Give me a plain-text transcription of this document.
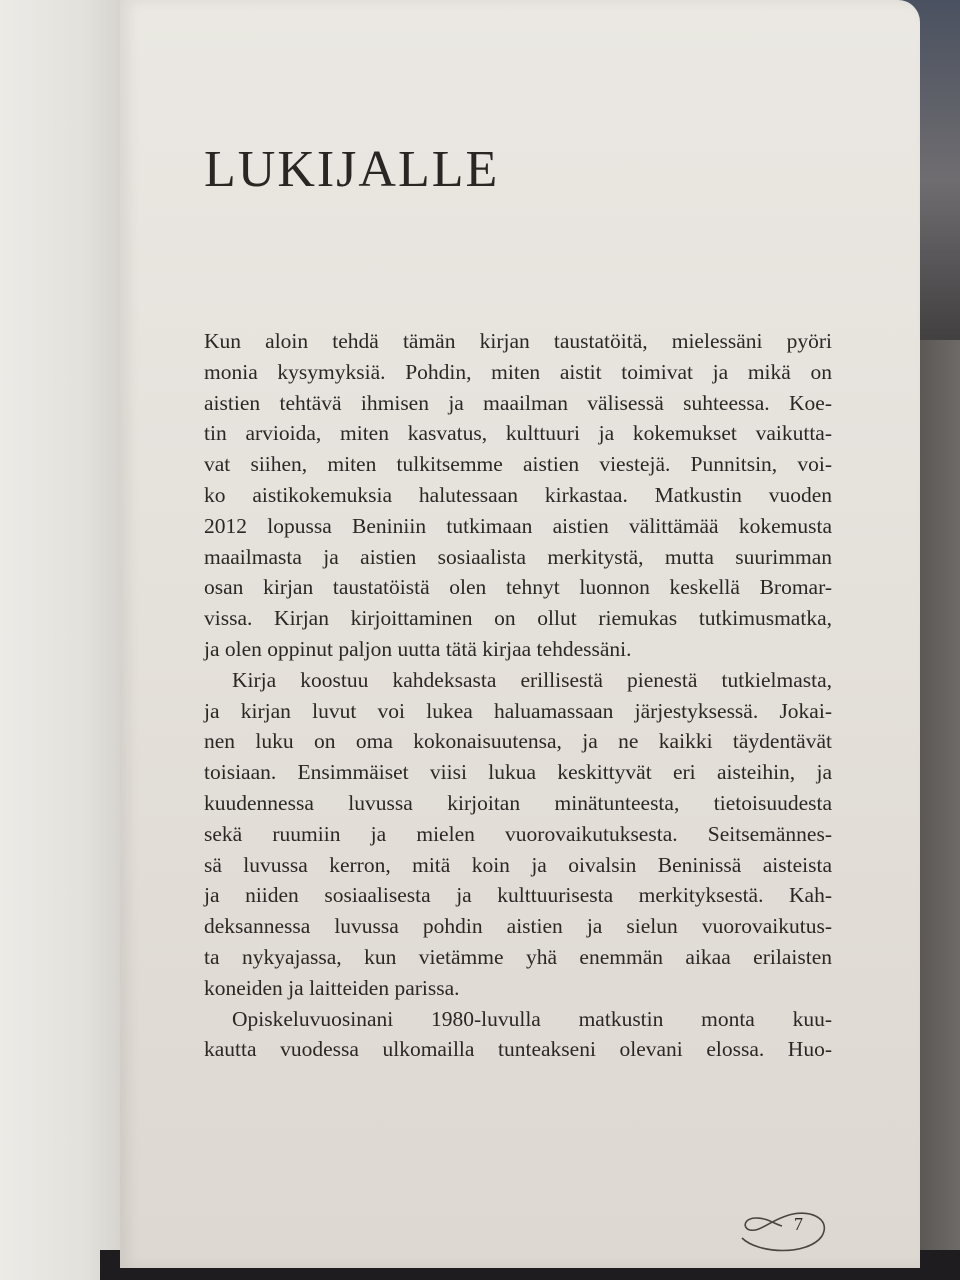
LUKIJALLE

Kun aloin tehdä tämän kirjan taustatöitä, mielessäni pyöri
monia kysymyksiä. Pohdin, miten aistit toimivat ja mikä on
aistien tehtävä ihmisen ja maailman välisessä suhteessa. Koe-
tin arvioida, miten kasvatus, kulttuuri ja kokemukset vaikutta-
vat siihen, miten tulkitsemme aistien viestejä. Punnitsin, voi-
ko aistikokemuksia halutessaan kirkastaa. Matkustin vuoden
2012 lopussa Beniniin tutkimaan aistien välittämää kokemusta
maailmasta ja aistien sosiaalista merkitystä, mutta suurimman
osan kirjan taustatöistä olen tehnyt luonnon keskellä Bromar-
vissa. Kirjan kirjoittaminen on ollut riemukas tutkimusmatka,
ja olen oppinut paljon uutta tätä kirjaa tehdessäni.

Kirja koostuu kahdeksasta erillisestä pienestä tutkielmasta,
ja kirjan luvut voi lukea haluamassaan järjestyksessä. Jokai-
nen luku on oma kokonaisuutensa, ja ne kaikki täydentävät
toisiaan. Ensimmäiset viisi lukua keskittyvät eri aisteihin, ja
kuudennessa luvussa kirjoitan minätunteesta, tietoisuudesta
sekä ruumiin ja mielen vuorovaikutuksesta. Seitsemännes-
sä luvussa kerron, mitä koin ja oivalsin Beninissä aisteista
ja niiden sosiaalisesta ja kulttuurisesta merkityksestä. Kah-
deksannessa luvussa pohdin aistien ja sielun vuorovaikutus-
ta nykyajassa, kun vietämme yhä enemmän aikaa erilaisten
koneiden ja laitteiden parissa.

Opiskeluvuosinani 1980-luvulla matkustin monta kuu-
kautta vuodessa ulkomailla tunteakseni olevani elossa. Huo-

7
